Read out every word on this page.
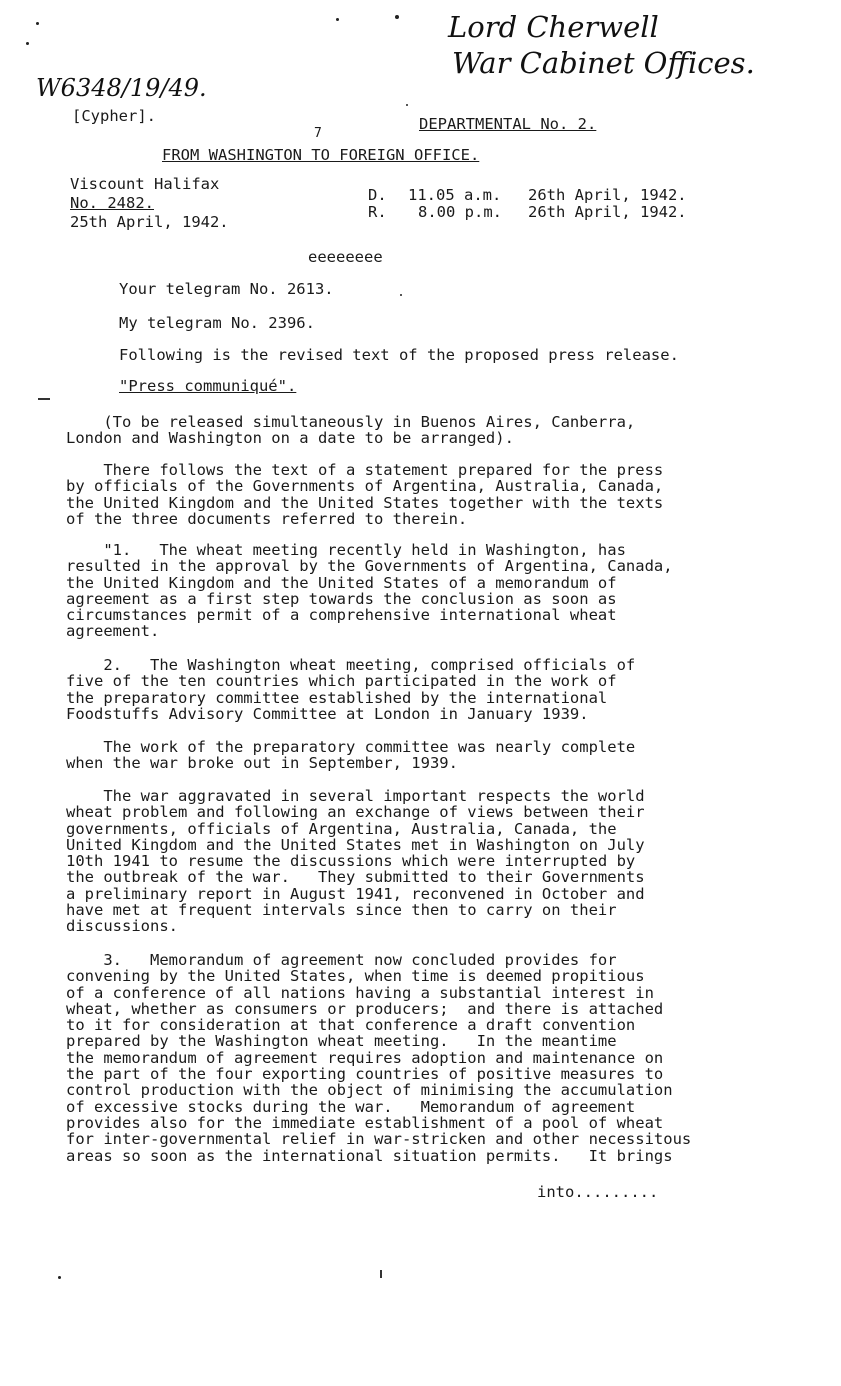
W6348/19/49.
Lord Cherwell
War Cabinet Offices.
[Cypher].
7
DEPARTMENTAL No. 2.
FROM WASHINGTON TO FOREIGN OFFICE.
Viscount Halifax
No. 2482.
25th April, 1942.
D. 11.05 a.m. 26th April, 1942.
R. 8.00 p.m. 26th April, 1942.
eeeeeeee
Your telegram No. 2613.
My telegram No. 2396.
Following is the revised text of the proposed press release.
"Press communiqué".
(To be released simultaneously in Buenos Aires, Canberra,
London and Washington on a date to be arranged).
There follows the text of a statement prepared for the press
by officials of the Governments of Argentina, Australia, Canada,
the United Kingdom and the United States together with the texts
of the three documents referred to therein.
"1.   The wheat meeting recently held in Washington, has
resulted in the approval by the Governments of Argentina, Canada,
the United Kingdom and the United States of a memorandum of
agreement as a first step towards the conclusion as soon as
circumstances permit of a comprehensive international wheat
agreement.
2.   The Washington wheat meeting, comprised officials of
five of the ten countries which participated in the work of
the preparatory committee established by the international
Foodstuffs Advisory Committee at London in January 1939.
The work of the preparatory committee was nearly complete
when the war broke out in September, 1939.
The war aggravated in several important respects the world
wheat problem and following an exchange of views between their
governments, officials of Argentina, Australia, Canada, the
United Kingdom and the United States met in Washington on July
10th 1941 to resume the discussions which were interrupted by
the outbreak of the war.   They submitted to their Governments
a preliminary report in August 1941, reconvened in October and
have met at frequent intervals since then to carry on their
discussions.
3.   Memorandum of agreement now concluded provides for
convening by the United States, when time is deemed propitious
of a conference of all nations having a substantial interest in
wheat, whether as consumers or producers;  and there is attached
to it for consideration at that conference a draft convention
prepared by the Washington wheat meeting.   In the meantime
the memorandum of agreement requires adoption and maintenance on
the part of the four exporting countries of positive measures to
control production with the object of minimising the accumulation
of excessive stocks during the war.   Memorandum of agreement
provides also for the immediate establishment of a pool of wheat
for inter-governmental relief in war-stricken and other necessitous
areas so soon as the international situation permits.   It brings
into.........
